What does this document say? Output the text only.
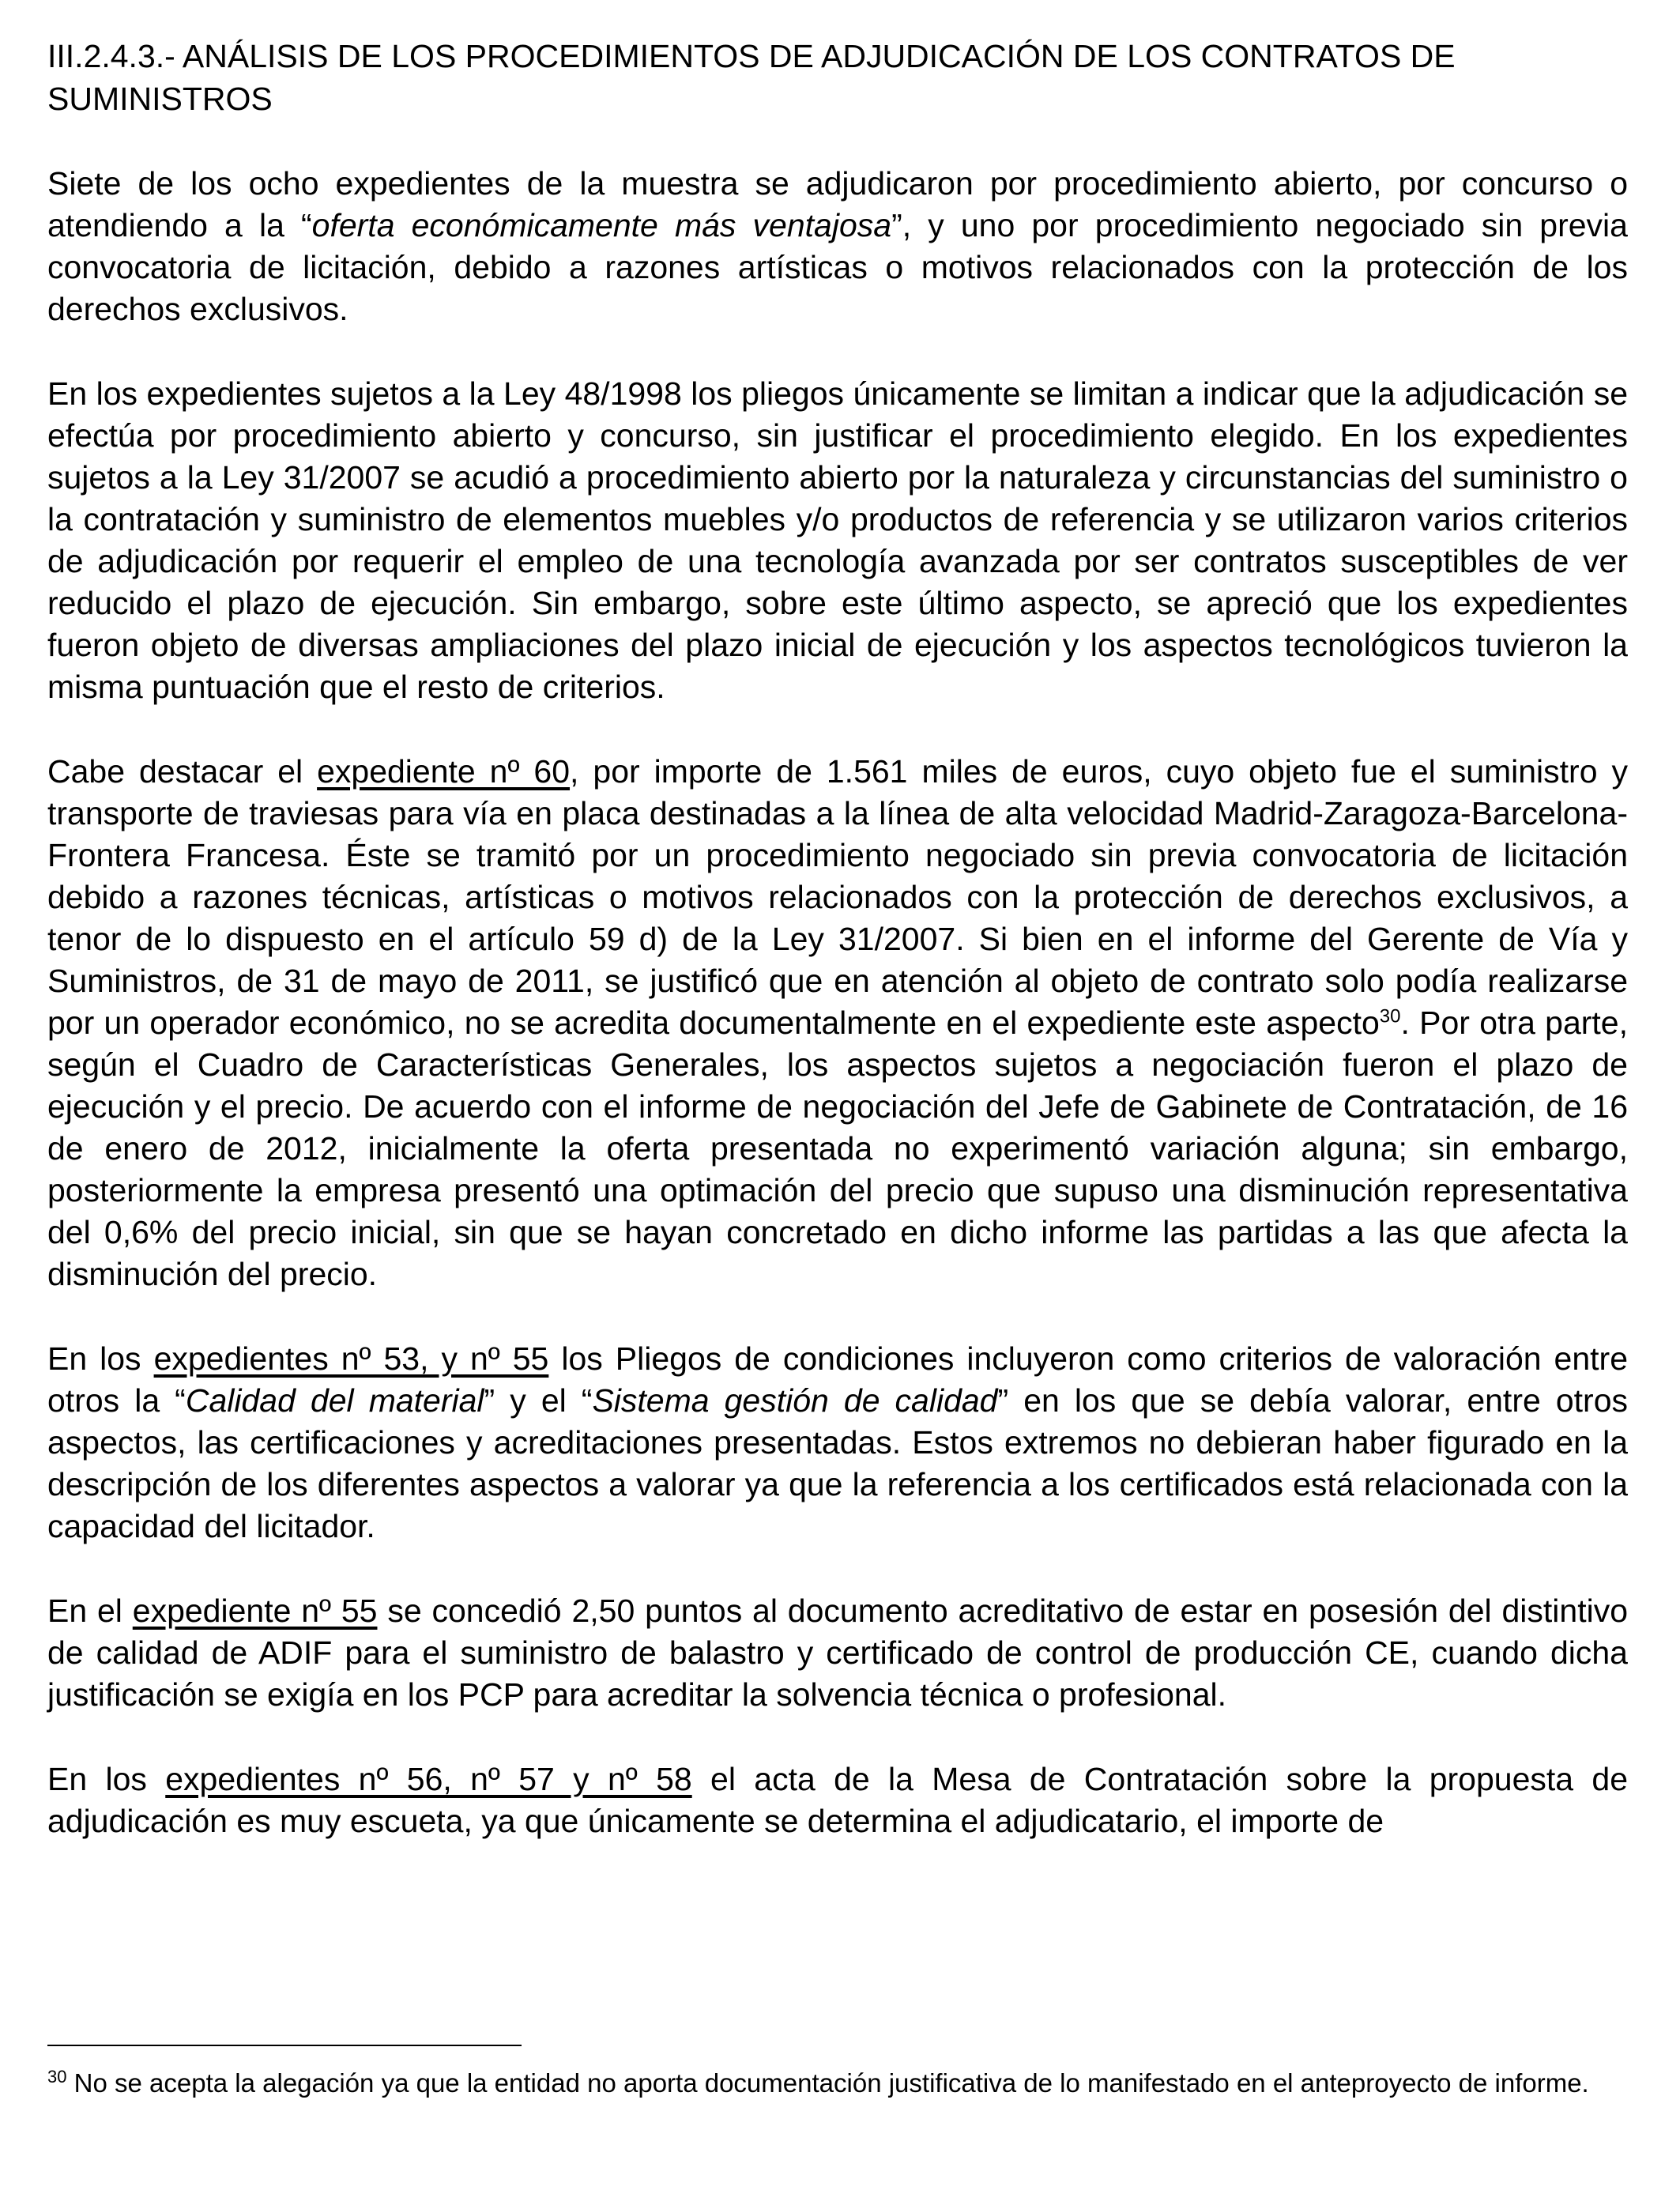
III.2.4.3.- ANÁLISIS DE LOS PROCEDIMIENTOS DE ADJUDICACIÓN DE LOS CONTRATOS DE SUMINISTROS

Siete de los ocho expedientes de la muestra se adjudicaron por procedimiento abierto, por concurso o atendiendo a la “oferta económicamente más ventajosa”, y uno por procedimiento negociado sin previa convocatoria de licitación, debido a razones artísticas o motivos relacionados con la protección de los derechos exclusivos.

En los expedientes sujetos a la Ley 48/1998 los pliegos únicamente se limitan a indicar que la adjudicación se efectúa por procedimiento abierto y concurso, sin justificar el procedimiento elegido. En los expedientes sujetos a la Ley 31/2007 se acudió a procedimiento abierto por la naturaleza y circunstancias del suministro o la contratación y suministro de elementos muebles y/o productos de referencia y se utilizaron varios criterios de adjudicación por requerir el empleo de una tecnología avanzada por ser contratos susceptibles de ver reducido el plazo de ejecución. Sin embargo, sobre este último aspecto, se apreció que los expedientes fueron objeto de diversas ampliaciones del plazo inicial de ejecución y los aspectos tecnológicos tuvieron la misma puntuación que el resto de criterios.

Cabe destacar el expediente nº 60, por importe de 1.561 miles de euros, cuyo objeto fue el suministro y transporte de traviesas para vía en placa destinadas a la línea de alta velocidad Madrid-Zaragoza-Barcelona-Frontera Francesa. Éste se tramitó por un procedimiento negociado sin previa convocatoria de licitación debido a razones técnicas, artísticas o motivos relacionados con la protección de derechos exclusivos, a tenor de lo dispuesto en el artículo 59 d) de la Ley 31/2007. Si bien en el informe del Gerente de Vía y Suministros, de 31 de mayo de 2011, se justificó que en atención al objeto de contrato solo podía realizarse por un operador económico, no se acredita documentalmente en el expediente este aspecto$^{30}$. Por otra parte, según el Cuadro de Características Generales, los aspectos sujetos a negociación fueron el plazo de ejecución y el precio. De acuerdo con el informe de negociación del Jefe de Gabinete de Contratación, de 16 de enero de 2012, inicialmente la oferta presentada no experimentó variación alguna; sin embargo, posteriormente la empresa presentó una optimación del precio que supuso una disminución representativa del 0,6% del precio inicial, sin que se hayan concretado en dicho informe las partidas a las que afecta la disminución del precio.

En los expedientes nº 53, y nº 55 los Pliegos de condiciones incluyeron como criterios de valoración entre otros la “Calidad del material” y el “Sistema gestión de calidad” en los que se debía valorar, entre otros aspectos, las certificaciones y acreditaciones presentadas. Estos extremos no debieran haber figurado en la descripción de los diferentes aspectos a valorar ya que la referencia a los certificados está relacionada con la capacidad del licitador.

En el expediente nº 55 se concedió 2,50 puntos al documento acreditativo de estar en posesión del distintivo de calidad de ADIF para el suministro de balastro y certificado de control de producción CE, cuando dicha justificación se exigía en los PCP para acreditar la solvencia técnica o profesional.

En los expedientes nº 56, nº 57 y nº 58 el acta de la Mesa de Contratación sobre la propuesta de adjudicación es muy escueta, ya que únicamente se determina el adjudicatario, el importe de

$^{30}$ No se acepta la alegación ya que la entidad no aporta documentación justificativa de lo manifestado en el anteproyecto de informe.
